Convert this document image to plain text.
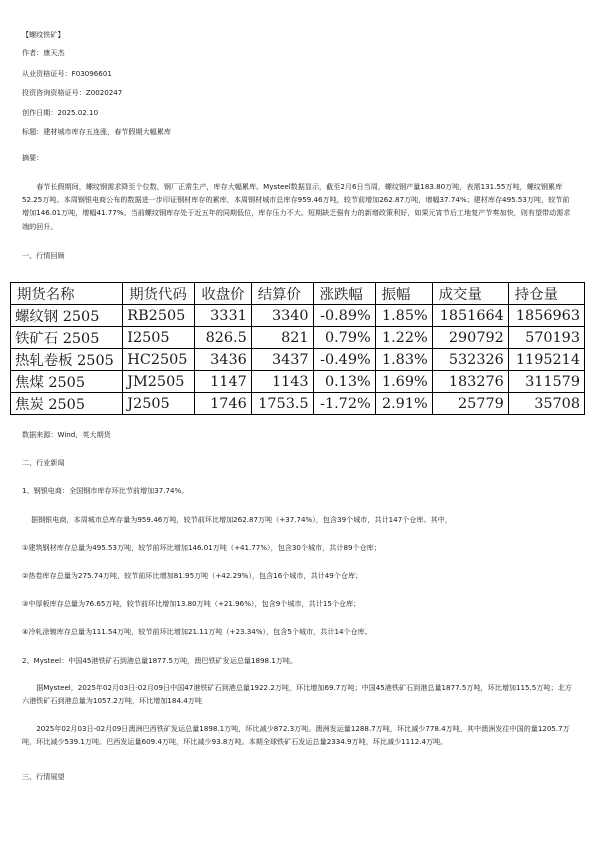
【螺纹铁矿】
作者：康天杰
从业资格证号：F03096601
投资咨询资格证号：Z0020247
创作日期：2025.02.10
标题：建材城市库存五连涨，春节假期大幅累库
摘要：
春节长假期间，螺纹钢需求降至个位数，钢厂正常生产，库存大幅累库。Mysteel数据显示，截至2月6日当周，螺纹钢产量183.80万吨，表需131.55万吨，螺纹钢累库52.25万吨。本周钢银电商公布的数据进一步印证钢材库存的累库，本周钢材城市总库存959.46万吨，较节前增加262.87万吨，增幅37.74%；建材库存495.53万吨，较节前增加146.01万吨，增幅41.77%。当前螺纹钢库存处于近五年的同期低位，库存压力不大。短期缺乏强有力的新增政策利好，如果元宵节后工地复产节奏加快，则有望带动需求端的回升。
一、行情回顾
期货名称	期货代码	收盘价	结算价	涨跌幅	振幅	成交量	持仓量
螺纹钢 2505	RB2505	3331	3340	-0.89%	1.85%	1851664	1856963
铁矿石 2505	I2505	826.5	821	0.79%	1.22%	290792	570193
热轧卷板 2505	HC2505	3436	3437	-0.49%	1.83%	532326	1195214
焦煤 2505	JM2505	1147	1143	0.13%	1.69%	183276	311579
焦炭 2505	J2505	1746	1753.5	-1.72%	2.91%	25779	35708
数据来源：Wind，英大期货
二、行业新闻
1、钢银电商：全国钢市库存环比节前增加37.74%。
据钢银电商，本周城市总库存量为959.46万吨，较节前环比增加262.87万吨（+37.74%），包含39个城市，共计147个仓库。其中，
①建筑钢材库存总量为495.53万吨，较节前环比增加146.01万吨（+41.77%），包含30个城市，共计89个仓库；
②热卷库存总量为275.74万吨，较节前环比增加81.95万吨（+42.29%），包含16个城市，共计49个仓库；
③中厚板库存总量为76.65万吨，较节前环比增加13.80万吨（+21.96%），包含9个城市，共计15个仓库；
④冷轧涂镀库存总量为111.54万吨，较节前环比增加21.11万吨（+23.34%），包含5个城市，共计14个仓库。
2、Mysteel：中国45港铁矿石到港总量1877.5万吨，澳巴铁矿发运总量1898.1万吨。
据Mysteel，2025年02月03日-02月09日中国47港铁矿石到港总量1922.2万吨，环比增加69.7万吨；中国45港铁矿石到港总量1877.5万吨，环比增加115.5万吨；北方六港铁矿石到港总量为1057.2万吨，环比增加184.4万吨
2025年02月03日-02月09日澳洲巴西铁矿发运总量1898.1万吨，环比减少872.3万吨。澳洲发运量1288.7万吨，环比减少778.4万吨，其中澳洲发往中国的量1205.7万吨，环比减少539.1万吨。巴西发运量609.4万吨，环比减少93.8万吨。本期全球铁矿石发运总量2334.9万吨，环比减少1112.4万吨。
三、行情展望
